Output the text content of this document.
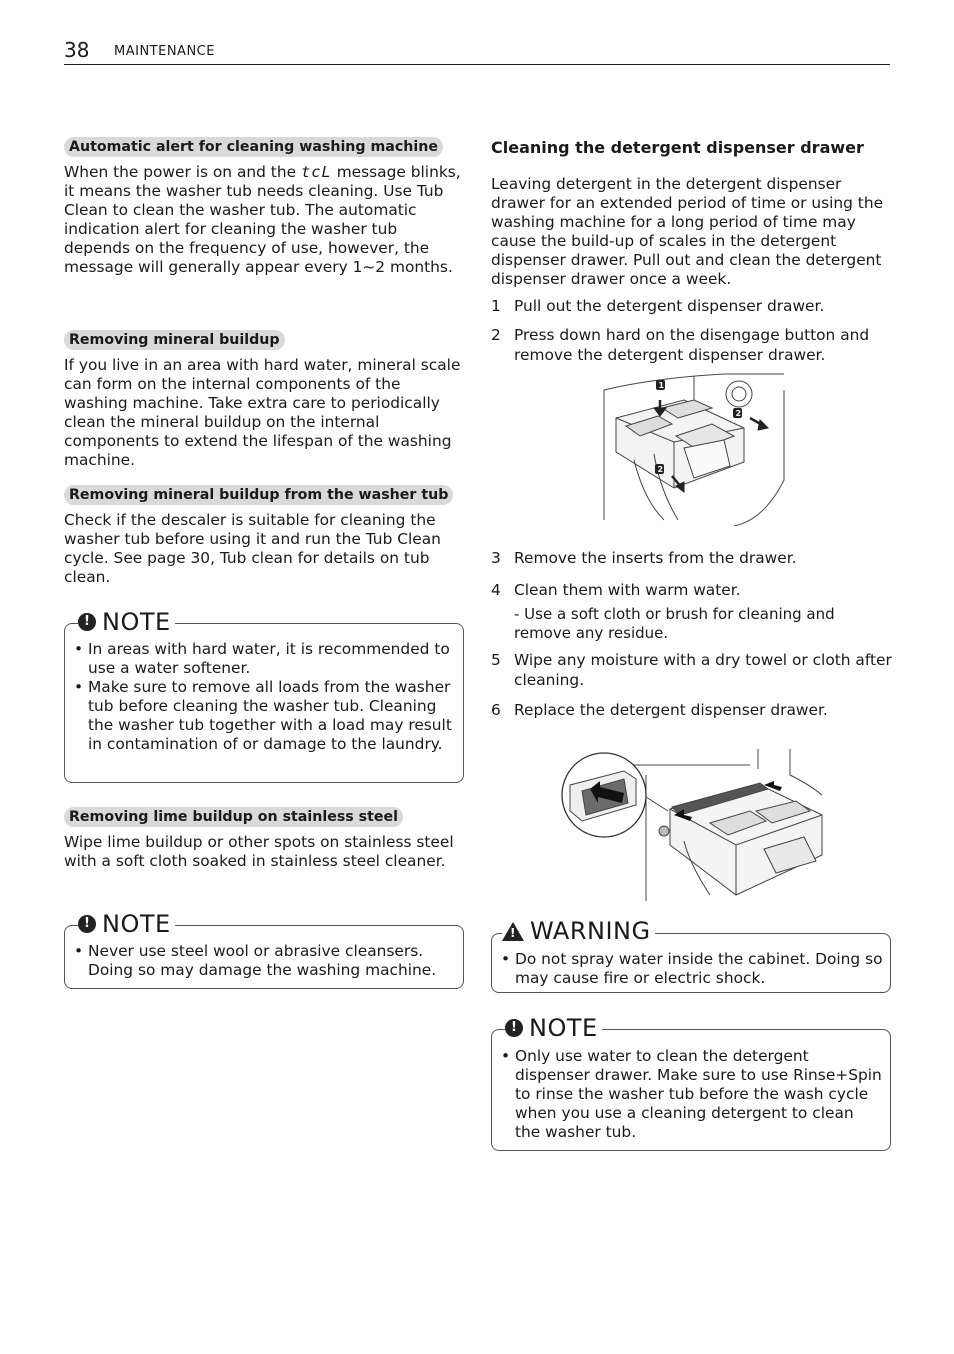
38 MAINTENANCE
Automatic alert for cleaning washing machine

When the power is on and the tcL message blinks, it means the washer tub needs cleaning. Use Tub Clean to clean the washer tub. The automatic indication alert for cleaning the washer tub depends on the frequency of use, however, the message will generally appear every 1~2 months.

Removing mineral buildup

If you live in an area with hard water, mineral scale can form on the internal components of the washing machine. Take extra care to periodically clean the mineral buildup on the internal components to extend the lifespan of the washing machine.

Removing mineral buildup from the washer tub

Check if the descaler is suitable for cleaning the washer tub before using it and run the Tub Clean cycle. See page 30, Tub clean for details on tub clean.

! NOTE
• In areas with hard water, it is recommended to use a water softener.
• Make sure to remove all loads from the washer tub before cleaning the washer tub. Cleaning the washer tub together with a load may result in contamination of or damage to the laundry.
Removing lime buildup on stainless steel

Wipe lime buildup or other spots on stainless steel with a soft cloth soaked in stainless steel cleaner.

! NOTE
• Never use steel wool or abrasive cleansers. Doing so may damage the washing machine.
Cleaning the detergent dispenser drawer

Leaving detergent in the detergent dispenser drawer for an extended period of time or using the washing machine for a long period of time may cause the build-up of scales in the detergent dispenser drawer. Pull out and clean the detergent dispenser drawer once a week.

1 Pull out the detergent dispenser drawer.
2 Press down hard on the disengage button and remove the detergent dispenser drawer.
3 Remove the inserts from the drawer.
4 Clean them with warm water.
- Use a soft cloth or brush for cleaning and remove any residue.
5 Wipe any moisture with a dry towel or cloth after cleaning.
6 Replace the detergent dispenser drawer.
1
2
2
! WARNING
• Do not spray water inside the cabinet. Doing so may cause fire or electric shock.
! NOTE
• Only use water to clean the detergent dispenser drawer. Make sure to use Rinse+Spin to rinse the washer tub before the wash cycle when you use a cleaning detergent to clean the washer tub.
